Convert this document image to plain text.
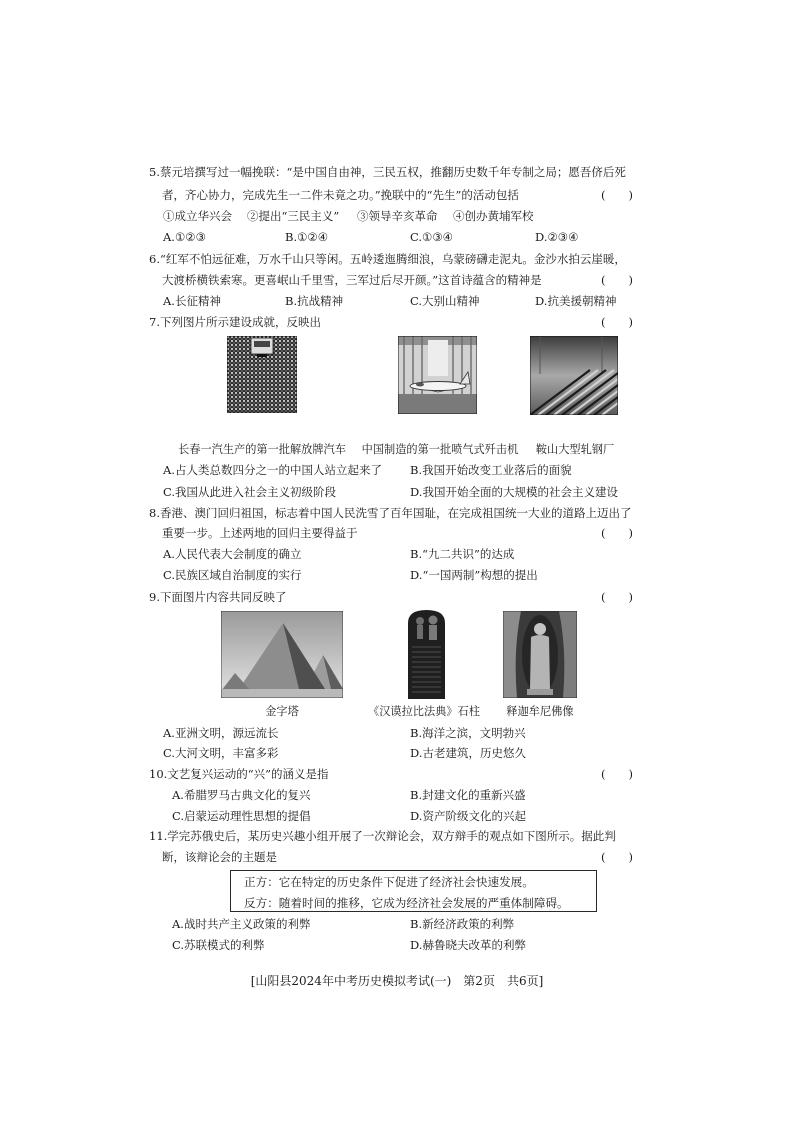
5.蔡元培撰写过一幅挽联：“是中国自由神，三民五权，推翻历史数千年专制之局；愿吾侪后死
者，齐心协力，完成先生一二件未竟之功。”挽联中的“先生”的活动包括	(　　)
①成立华兴会 ②提出“三民主义” ③领导辛亥革命 ④创办黄埔军校
A.①②③	B.①②④	C.①③④	D.②③④
6.“红军不怕远征难，万水千山只等闲。五岭逶迤腾细浪，乌蒙磅礴走泥丸。金沙水拍云崖暖，
大渡桥横铁索寒。更喜岷山千里雪，三军过后尽开颜。”这首诗蕴含的精神是	(　　)
A.长征精神	B.抗战精神	C.大别山精神	D.抗美援朝精神
7.下列图片所示建设成就，反映出	(　　)
长春一汽生产的第一批解放牌汽车	中国制造的第一批喷气式歼击机	鞍山大型轧钢厂
A.占人类总数四分之一的中国人站立起来了 B.我国开始改变工业落后的面貌
C.我国从此进入社会主义初级阶段	D.我国开始全面的大规模的社会主义建设
8.香港、澳门回归祖国，标志着中国人民洗雪了百年国耻，在完成祖国统一大业的道路上迈出了
重要一步。上述两地的回归主要得益于	(　　)
A.人民代表大会制度的确立	B.“九二共识”的达成
C.民族区域自治制度的实行	D.“一国两制”构想的提出
9.下面图片内容共同反映了	(　　)
金字塔	《汉谟拉比法典》石柱	释迦牟尼佛像
A.亚洲文明，源远流长	B.海洋之滨，文明勃兴
C.大河文明，丰富多彩	D.古老建筑，历史悠久
10.文艺复兴运动的“兴”的涵义是指	(　　)
A.希腊罗马古典文化的复兴	B.封建文化的重新兴盛
C.启蒙运动理性思想的提倡	D.资产阶级文化的兴起
11.学完苏俄史后，某历史兴趣小组开展了一次辩论会，双方辩手的观点如下图所示。据此判
断，该辩论会的主题是	(　　)
正方：它在特定的历史条件下促进了经济社会快速发展。
反方：随着时间的推移，它成为经济社会发展的严重体制障碍。
A.战时共产主义政策的利弊	B.新经济政策的利弊
C.苏联模式的利弊	D.赫鲁晓夫改革的利弊
[山阳县2024年中考历史模拟考试(一)　第2页　共6页]
